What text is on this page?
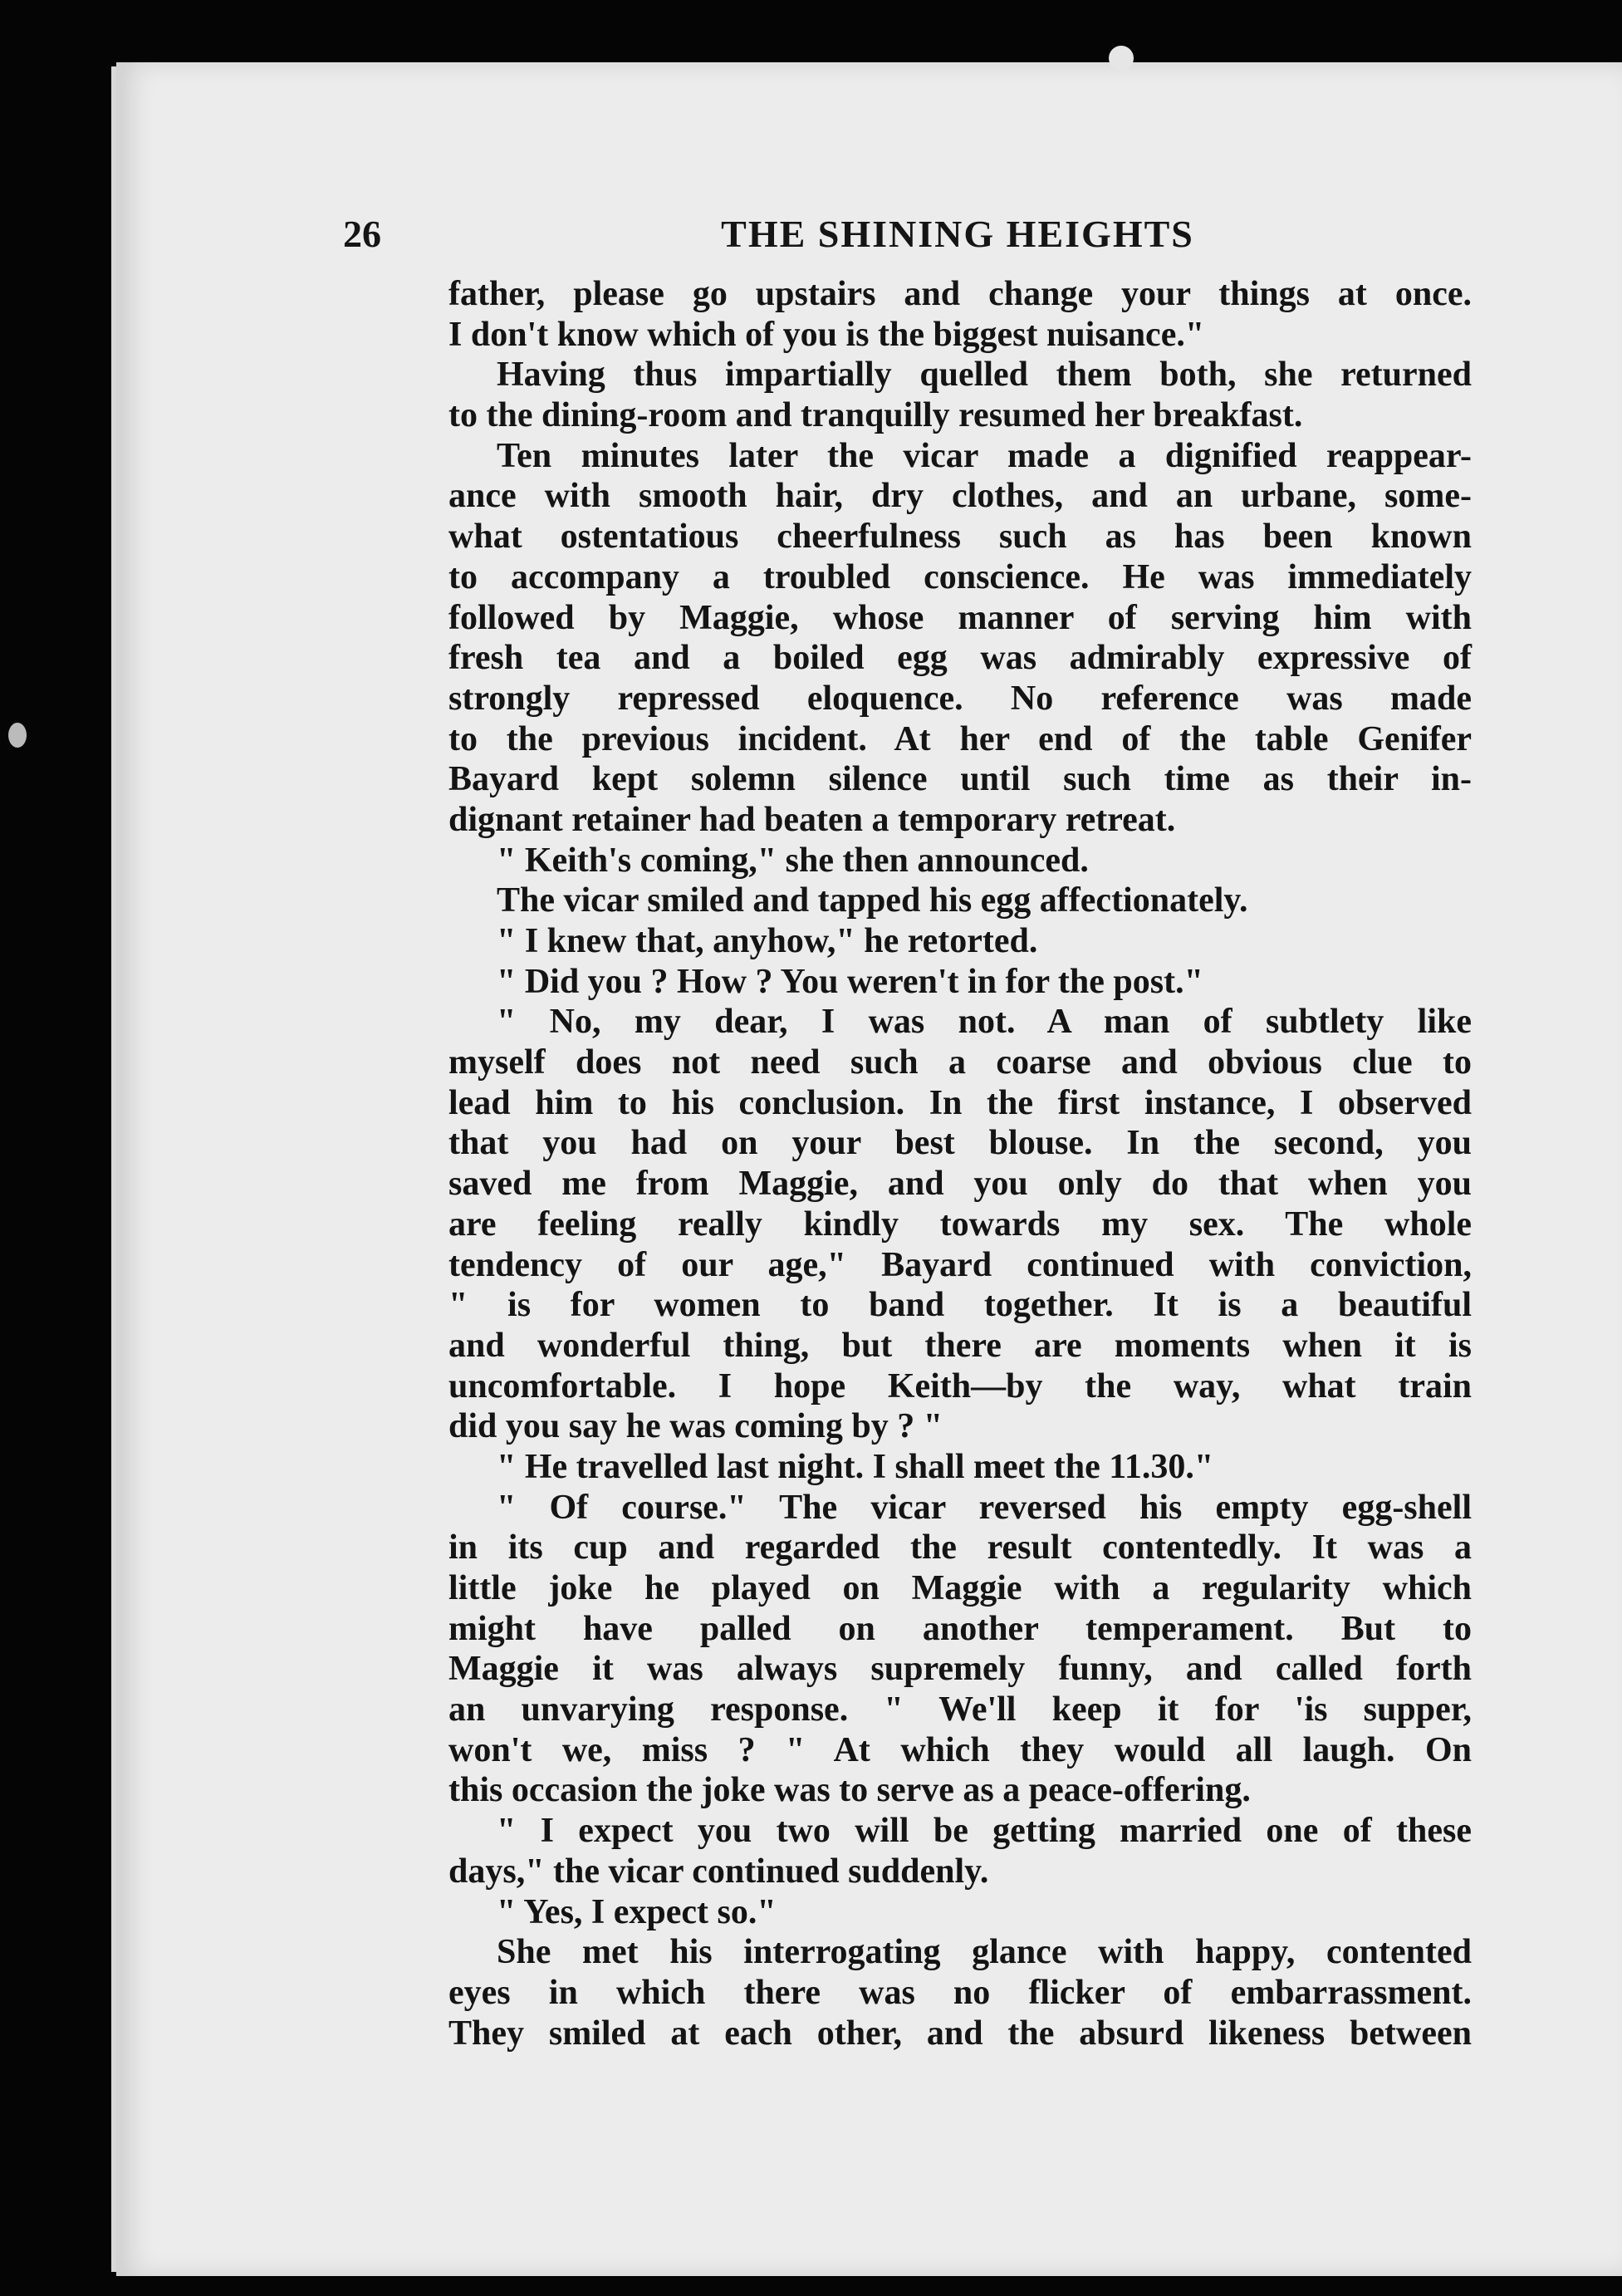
26	THE SHINING HEIGHTS
father, please go upstairs and change your things at once.
I don't know which of you is the biggest nuisance."
Having thus impartially quelled them both, she returned
to the dining-room and tranquilly resumed her breakfast.
Ten minutes later the vicar made a dignified reappear-
ance with smooth hair, dry clothes, and an urbane, some-
what ostentatious cheerfulness such as has been known
to accompany a troubled conscience. He was immediately
followed by Maggie, whose manner of serving him with
fresh tea and a boiled egg was admirably expressive of
strongly repressed eloquence. No reference was made
to the previous incident. At her end of the table Genifer
Bayard kept solemn silence until such time as their in-
dignant retainer had beaten a temporary retreat.
" Keith's coming," she then announced.
The vicar smiled and tapped his egg affectionately.
" I knew that, anyhow," he retorted.
" Did you ? How ? You weren't in for the post."
" No, my dear, I was not. A man of subtlety like
myself does not need such a coarse and obvious clue to
lead him to his conclusion. In the first instance, I observed
that you had on your best blouse. In the second, you
saved me from Maggie, and you only do that when you
are feeling really kindly towards my sex. The whole
tendency of our age," Bayard continued with conviction,
" is for women to band together. It is a beautiful
and wonderful thing, but there are moments when it is
uncomfortable. I hope Keith—by the way, what train
did you say he was coming by ? "
" He travelled last night. I shall meet the 11.30."
" Of course." The vicar reversed his empty egg-shell
in its cup and regarded the result contentedly. It was a
little joke he played on Maggie with a regularity which
might have palled on another temperament. But to
Maggie it was always supremely funny, and called forth
an unvarying response. " We'll keep it for 'is supper,
won't we, miss ? " At which they would all laugh. On
this occasion the joke was to serve as a peace-offering.
" I expect you two will be getting married one of these
days," the vicar continued suddenly.
" Yes, I expect so."
She met his interrogating glance with happy, contented
eyes in which there was no flicker of embarrassment.
They smiled at each other, and the absurd likeness between
